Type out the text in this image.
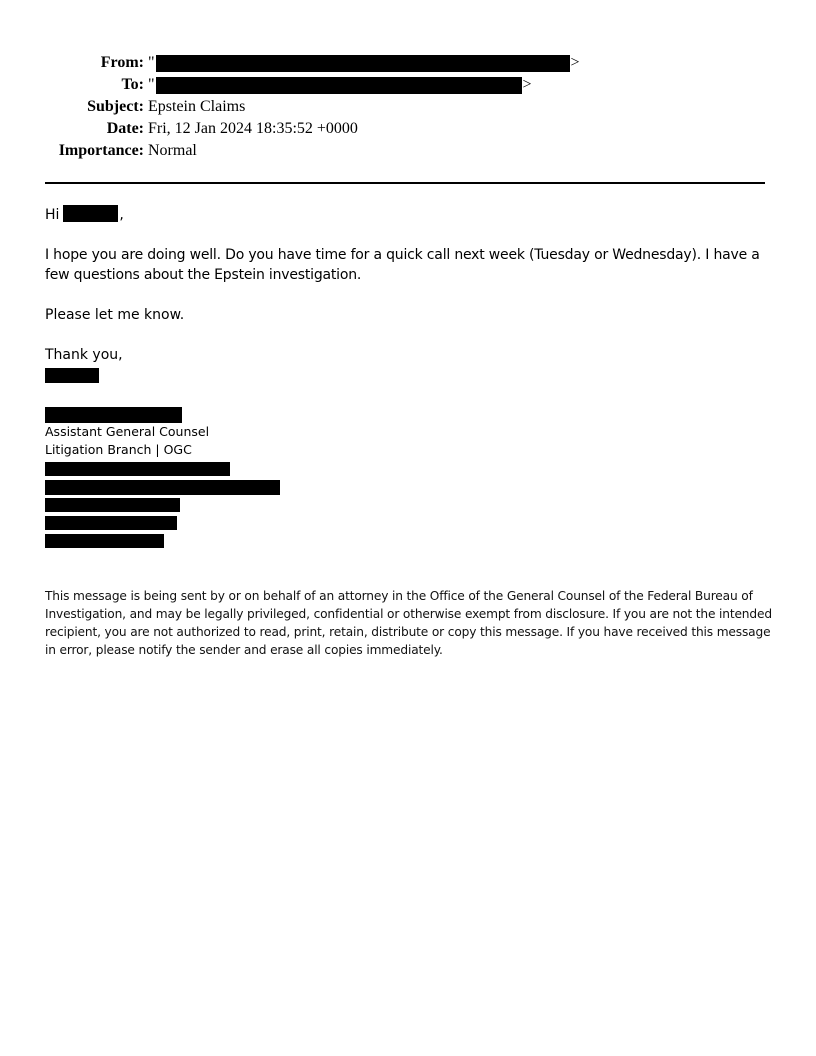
From: "	>
To: "	>
Subject: Epstein Claims
Date: Fri, 12 Jan 2024 18:35:52 +0000
Importance: Normal
Hi	,
I hope you are doing well. Do you have time for a quick call next week (Tuesday or Wednesday). I have a few questions about the Epstein investigation.
Please let me know.
Thank you,
Assistant General Counsel
Litigation Branch | OGC
This message is being sent by or on behalf of an attorney in the Office of the General Counsel of the Federal Bureau of Investigation, and may be legally privileged, confidential or otherwise exempt from disclosure. If you are not the intended recipient, you are not authorized to read, print, retain, distribute or copy this message. If you have received this message in error, please notify the sender and erase all copies immediately.
